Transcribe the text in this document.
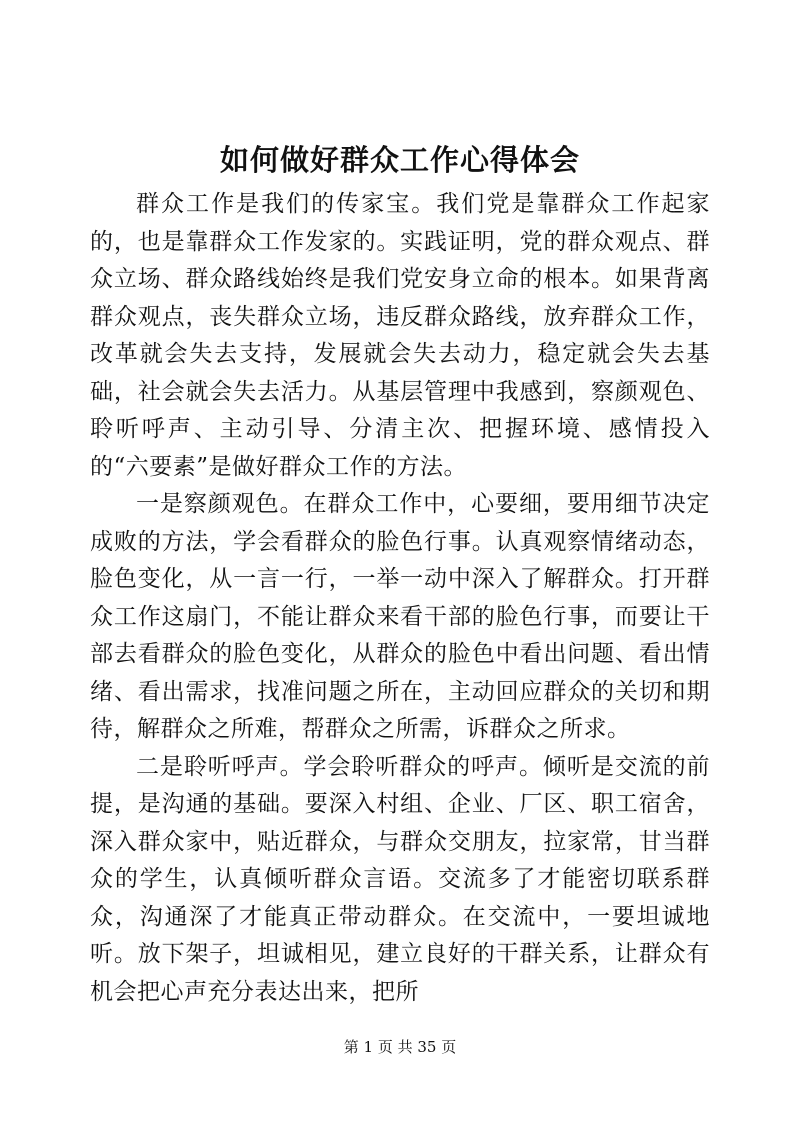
如何做好群众工作心得体会

群众工作是我们的传家宝。我们党是靠群众工作起家的，也是靠群众工作发家的。实践证明，党的群众观点、群众立场、群众路线始终是我们党安身立命的根本。如果背离群众观点，丧失群众立场，违反群众路线，放弃群众工作，改革就会失去支持，发展就会失去动力，稳定就会失去基础，社会就会失去活力。从基层管理中我感到，察颜观色、聆听呼声、主动引导、分清主次、把握环境、感情投入的“六要素”是做好群众工作的方法。

一是察颜观色。在群众工作中，心要细，要用细节决定成败的方法，学会看群众的脸色行事。认真观察情绪动态，脸色变化，从一言一行，一举一动中深入了解群众。打开群众工作这扇门，不能让群众来看干部的脸色行事，而要让干部去看群众的脸色变化，从群众的脸色中看出问题、看出情绪、看出需求，找准问题之所在，主动回应群众的关切和期待，解群众之所难，帮群众之所需，诉群众之所求。

二是聆听呼声。学会聆听群众的呼声。倾听是交流的前提，是沟通的基础。要深入村组、企业、厂区、职工宿舍，深入群众家中，贴近群众，与群众交朋友，拉家常，甘当群众的学生，认真倾听群众言语。交流多了才能密切联系群众，沟通深了才能真正带动群众。在交流中，一要坦诚地听。放下架子，坦诚相见，建立良好的干群关系，让群众有机会把心声充分表达出来，把所

第 1 页 共 35 页
